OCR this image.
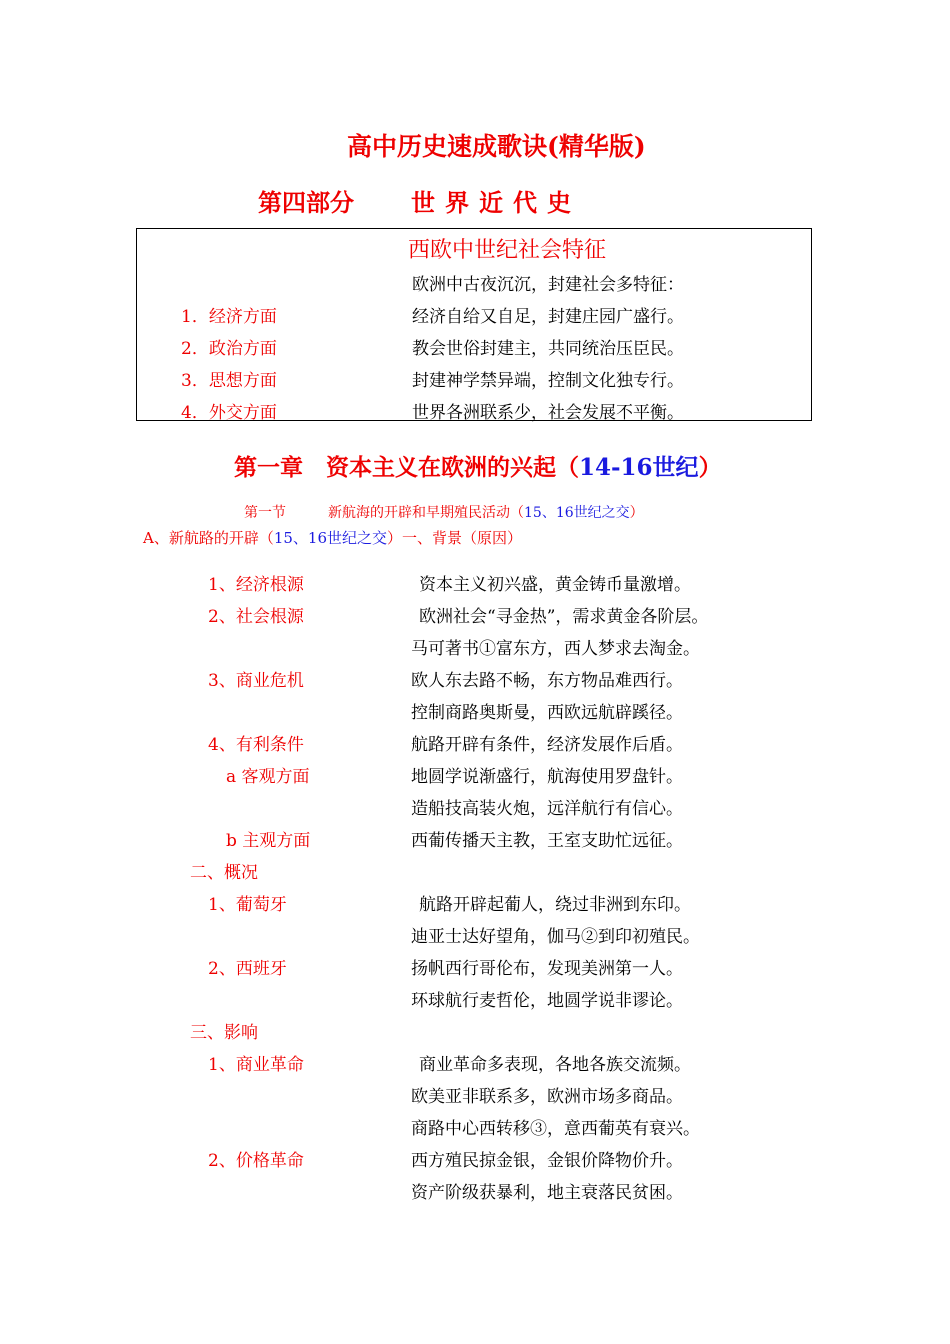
高中历史速成歌诀(精华版)
第四部分 世界近代史
西欧中世纪社会特征
欧洲中古夜沉沉，封建社会多特征：
1．经济方面	经济自给又自足，封建庄园广盛行。
2．政治方面	教会世俗封建主，共同统治压臣民。
3．思想方面	封建神学禁异端，控制文化独专行。
4．外交方面	世界各洲联系少，社会发展不平衡。
第一章　资本主义在欧洲的兴起（14-16世纪）
第一节	新航海的开辟和早期殖民活动（15、16世纪之交）
A、新航路的开辟（15、16世纪之交）一、背景（原因）
1、经济根源	资本主义初兴盛，黄金铸币量激增。
2、社会根源	欧洲社会“寻金热”，需求黄金各阶层。
马可著书①富东方，西人梦求去淘金。
3、商业危机	欧人东去路不畅，东方物品难西行。
控制商路奥斯曼，西欧远航辟蹊径。
4、有利条件	航路开辟有条件，经济发展作后盾。
a 客观方面	地圆学说渐盛行，航海使用罗盘针。
造船技高装火炮，远洋航行有信心。
b 主观方面	西葡传播天主教，王室支助忙远征。
二、概况
1、葡萄牙	航路开辟起葡人，绕过非洲到东印。
迪亚士达好望角，伽马②到印初殖民。
2、西班牙	扬帆西行哥伦布，发现美洲第一人。
环球航行麦哲伦，地圆学说非谬论。
三、影响
1、商业革命	商业革命多表现，各地各族交流频。
欧美亚非联系多，欧洲市场多商品。
商路中心西转移③，意西葡英有衰兴。
2、价格革命	西方殖民掠金银，金银价降物价升。
资产阶级获暴利，地主衰落民贫困。
